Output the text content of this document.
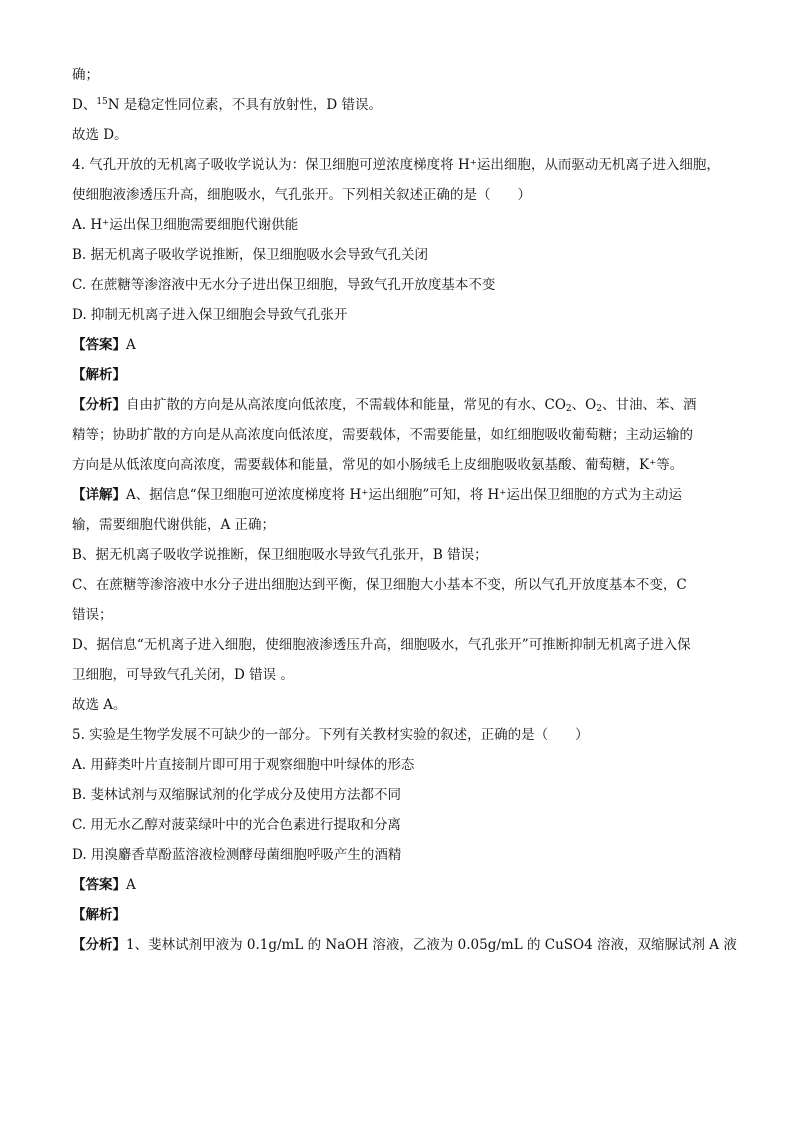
确；
D、$^{15}$N 是稳定性同位素，不具有放射性，D 错误。
故选 D。
4. 气孔开放的无机离子吸收学说认为：保卫细胞可逆浓度梯度将 H⁺运出细胞，从而驱动无机离子进入细胞，
使细胞液渗透压升高，细胞吸水，气孔张开。下列相关叙述正确的是（　　）
A. H⁺运出保卫细胞需要细胞代谢供能
B. 据无机离子吸收学说推断，保卫细胞吸水会导致气孔关闭
C. 在蔗糖等渗溶液中无水分子进出保卫细胞，导致气孔开放度基本不变
D. 抑制无机离子进入保卫细胞会导致气孔张开
【答案】A
【解析】
【分析】自由扩散的方向是从高浓度向低浓度，不需载体和能量，常见的有水、$CO_2$、$O_2$、甘油、苯、酒
精等；协助扩散的方向是从高浓度向低浓度，需要载体，不需要能量，如红细胞吸收葡萄糖；主动运输的
方向是从低浓度向高浓度，需要载体和能量，常见的如小肠绒毛上皮细胞吸收氨基酸、葡萄糖，K⁺等。
【详解】A、据信息“保卫细胞可逆浓度梯度将 H⁺运出细胞”可知，将 H⁺运出保卫细胞的方式为主动运
输，需要细胞代谢供能，A 正确；
B、据无机离子吸收学说推断，保卫细胞吸水导致气孔张开，B 错误；
C、在蔗糖等渗溶液中水分子进出细胞达到平衡，保卫细胞大小基本不变，所以气孔开放度基本不变，C
错误；
D、据信息“无机离子进入细胞，使细胞液渗透压升高，细胞吸水，气孔张开”可推断抑制无机离子进入保
卫细胞，可导致气孔关闭，D 错误 。
故选 A。
5. 实验是生物学发展不可缺少的一部分。下列有关教材实验的叙述，正确的是（　　）
A. 用藓类叶片直接制片即可用于观察细胞中叶绿体的形态
B. 斐林试剂与双缩脲试剂的化学成分及使用方法都不同
C. 用无水乙醇对菠菜绿叶中的光合色素进行提取和分离
D. 用溴麝香草酚蓝溶液检测酵母菌细胞呼吸产生的酒精
【答案】A
【解析】
【分析】1、斐林试剂甲液为 0.1g/mL 的 NaOH 溶液，乙液为 0.05g/mL 的 CuSO4 溶液，双缩脲试剂 A 液
